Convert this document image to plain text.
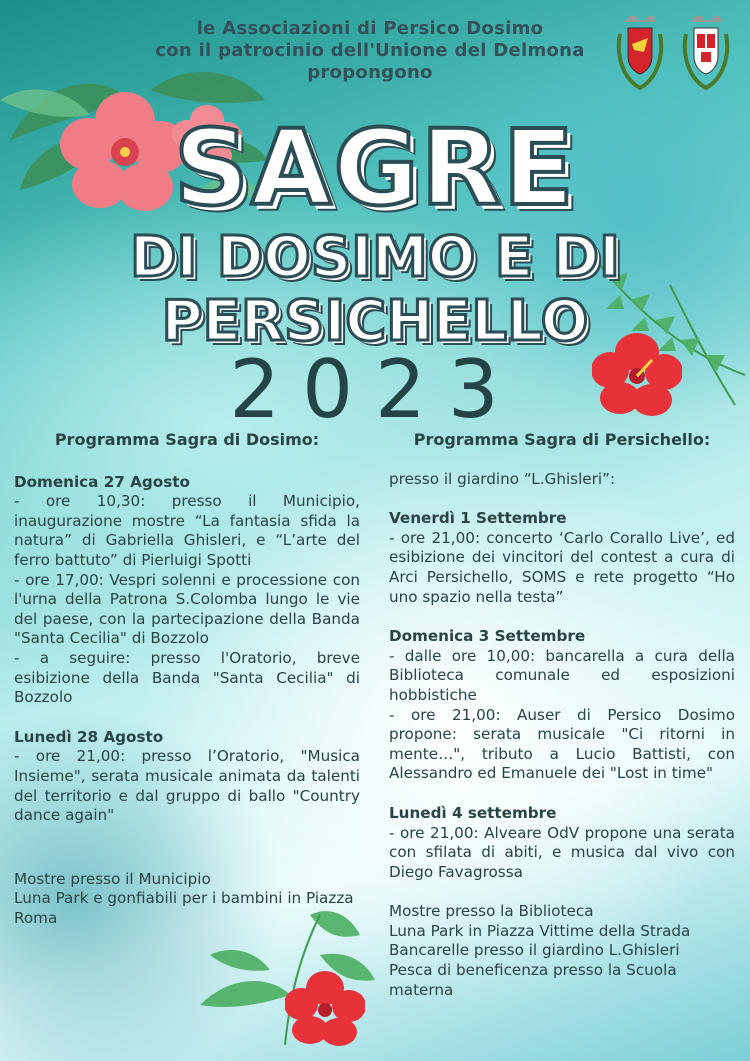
le Associazioni di Persico Dosimo
con il patrocinio dell'Unione del Delmona
propongono
SAGRE
DI DOSIMO E DI
PERSICHELLO
2023
Programma Sagra di Dosimo:
Domenica 27 Agosto
- ore 10,30: presso il Municipio, inaugurazione mostre “La fantasia sfida la natura” di Gabriella Ghisleri, e “L’arte del ferro battuto” di Pierluigi Spotti
- ore 17,00: Vespri solenni e processione con l'urna della Patrona S.Colomba lungo le vie del paese, con la partecipazione della Banda "Santa Cecilia" di Bozzolo
- a seguire: presso l'Oratorio, breve esibizione della Banda "Santa Cecilia" di Bozzolo
Lunedì 28 Agosto
- ore 21,00: presso l’Oratorio, "Musica Insieme", serata musicale animata da talenti del territorio e dal gruppo di ballo "Country dance again"
Mostre presso il Municipio
Luna Park e gonfiabili per i bambini in Piazza Roma
Programma Sagra di Persichello:
presso il giardino “L.Ghisleri”:
Venerdì 1 Settembre
- ore 21,00: concerto ‘Carlo Corallo Live’, ed esibizione dei vincitori del contest a cura di Arci Persichello, SOMS e rete progetto “Ho uno spazio nella testa”
Domenica 3 Settembre
- dalle ore 10,00: bancarella a cura della Biblioteca comunale ed esposizioni hobbistiche
- ore 21,00: Auser di Persico Dosimo propone: serata musicale "Ci ritorni in mente…", tributo a Lucio Battisti, con Alessandro ed Emanuele dei "Lost in time"
Lunedì 4 settembre
- ore 21,00: Alveare OdV propone una serata con sfilata di abiti, e musica dal vivo con Diego Favagrossa
Mostre presso la Biblioteca
Luna Park in Piazza Vittime della Strada
Bancarelle presso il giardino L.Ghisleri
Pesca di beneficenza presso la Scuola materna
